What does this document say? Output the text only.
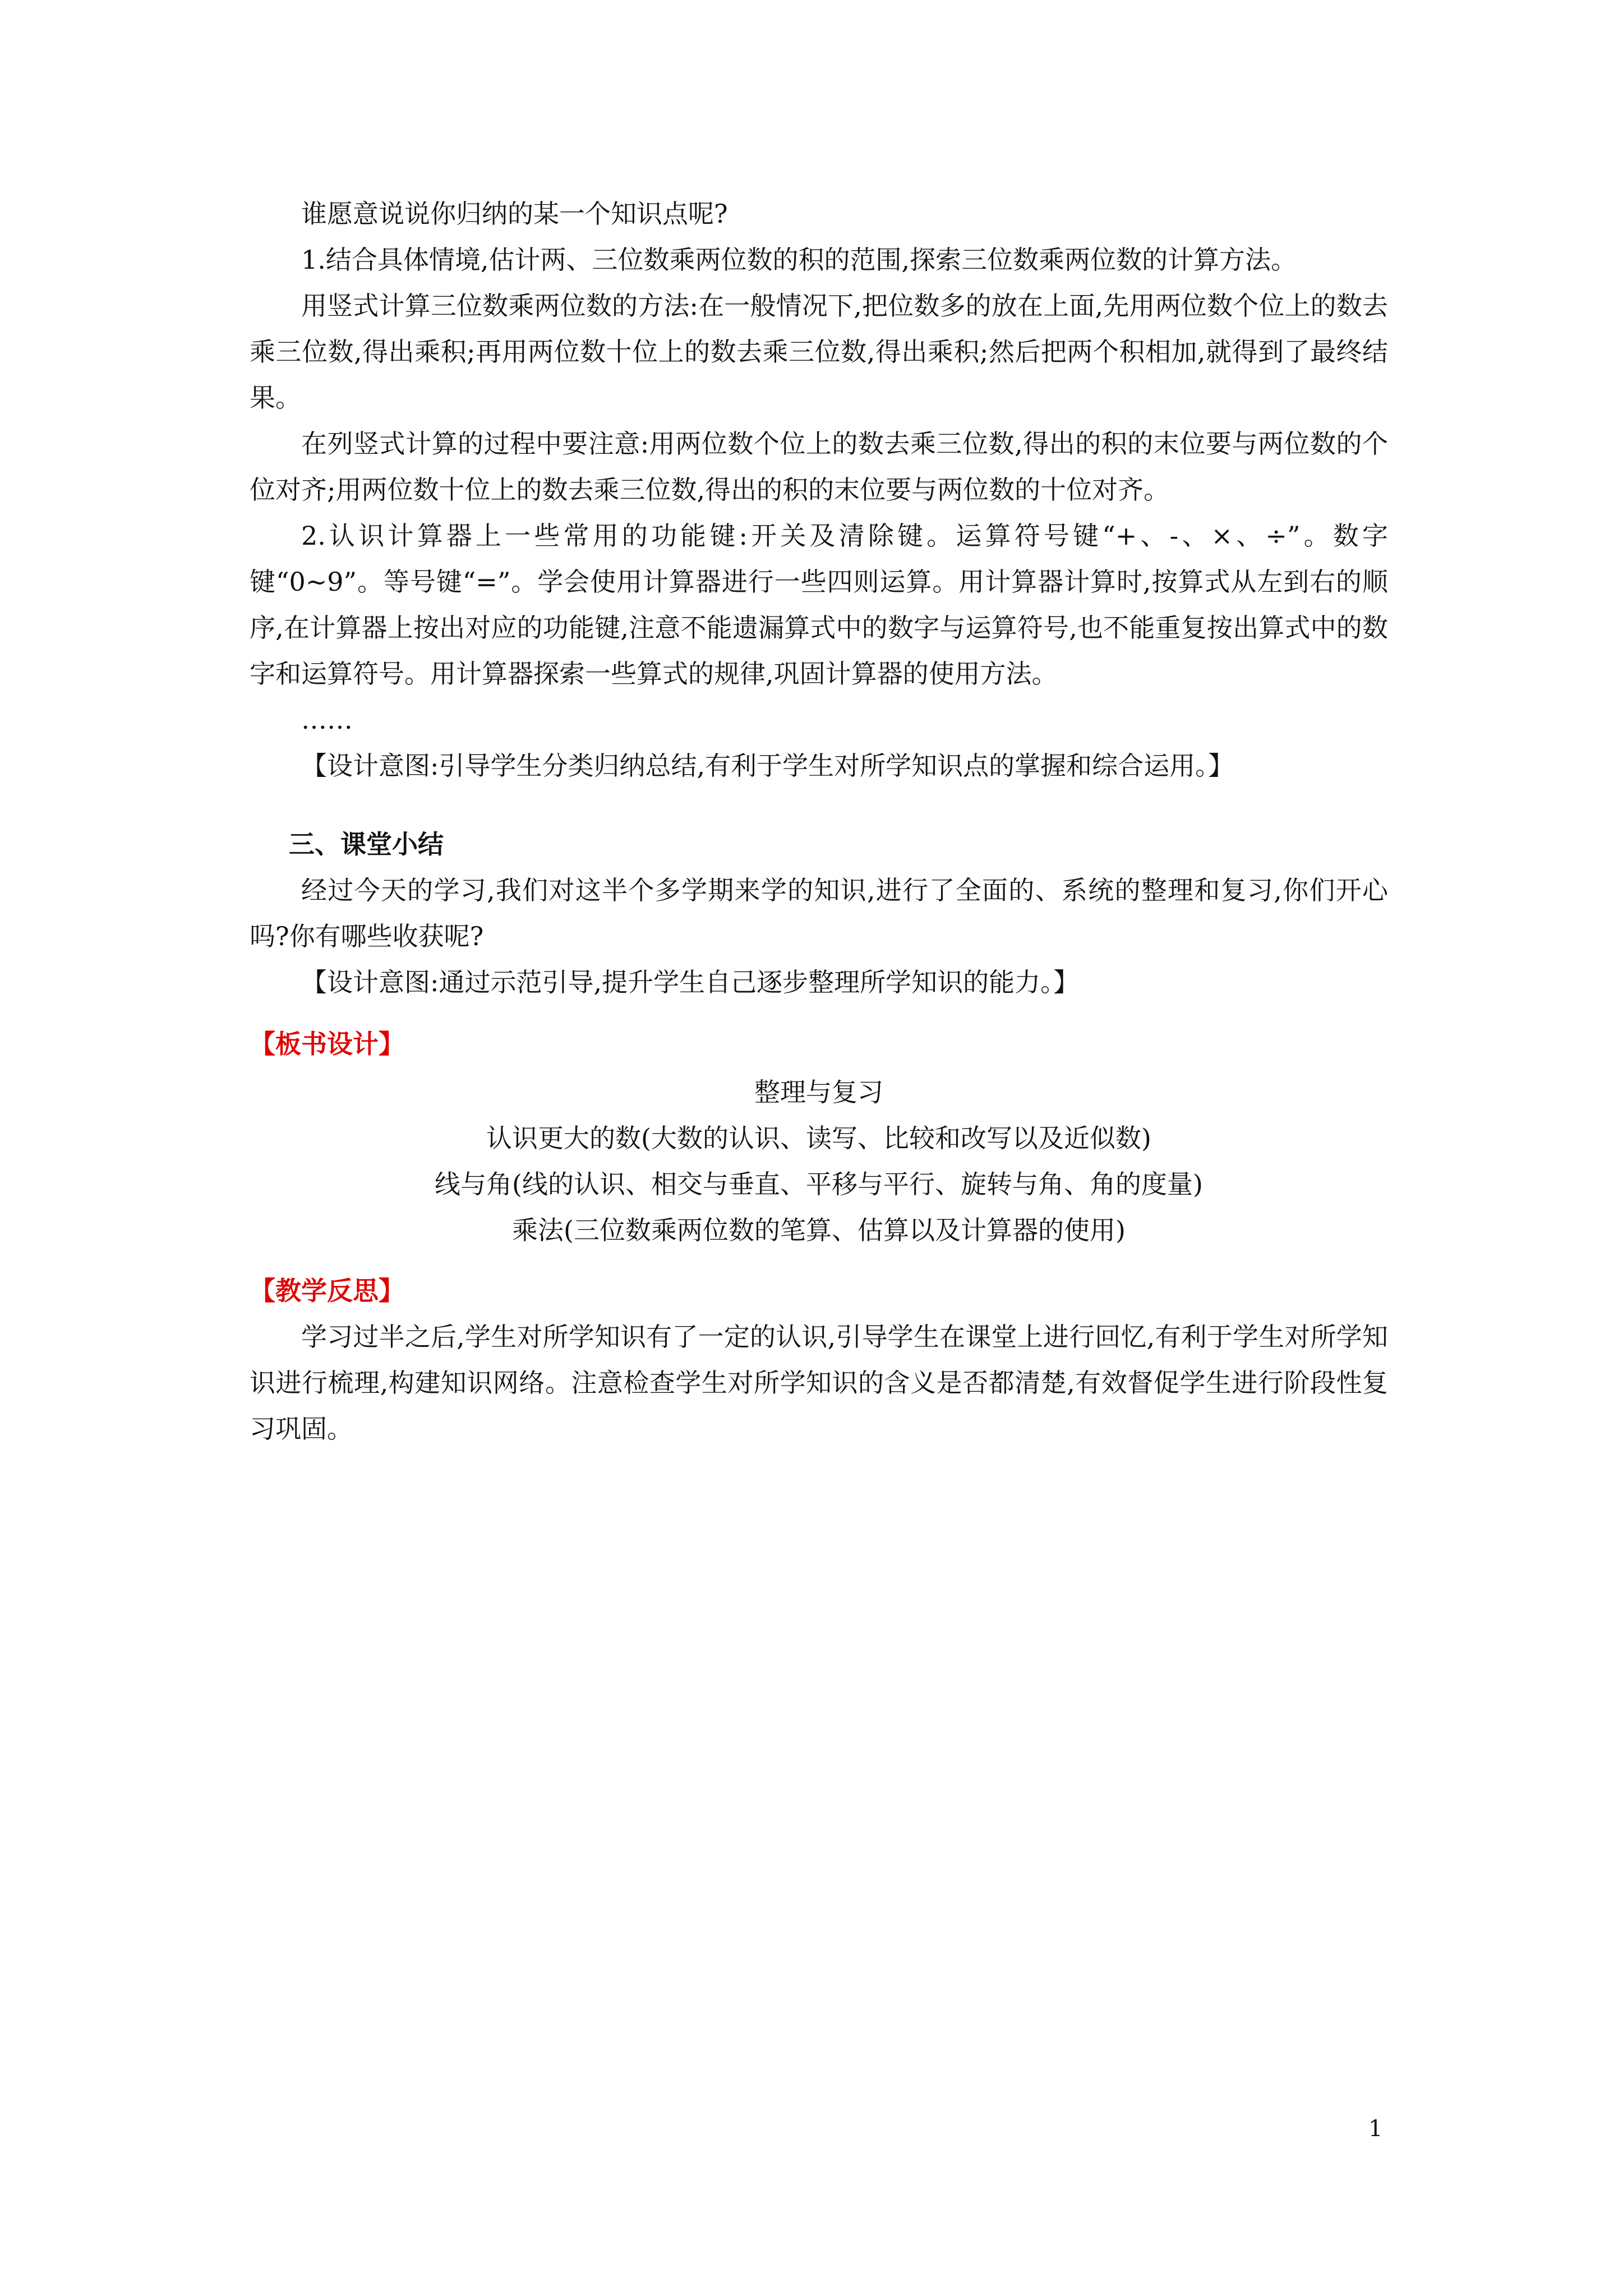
谁愿意说说你归纳的某一个知识点呢?

1.结合具体情境,估计两、三位数乘两位数的积的范围,探索三位数乘两位数的计算方法。

用竖式计算三位数乘两位数的方法:在一般情况下,把位数多的放在上面,先用两位数个位上的数去乘三位数,得出乘积;再用两位数十位上的数去乘三位数,得出乘积;然后把两个积相加,就得到了最终结果。

在列竖式计算的过程中要注意:用两位数个位上的数去乘三位数,得出的积的末位要与两位数的个位对齐;用两位数十位上的数去乘三位数,得出的积的末位要与两位数的十位对齐。

2.认识计算器上一些常用的功能键:开关及清除键。运算符号键“+、-、×、÷”。数字键“0~9”。等号键“=”。学会使用计算器进行一些四则运算。用计算器计算时,按算式从左到右的顺序,在计算器上按出对应的功能键,注意不能遗漏算式中的数字与运算符号,也不能重复按出算式中的数字和运算符号。用计算器探索一些算式的规律,巩固计算器的使用方法。

……

【设计意图:引导学生分类归纳总结,有利于学生对所学知识点的掌握和综合运用。】

三、课堂小结

经过今天的学习,我们对这半个多学期来学的知识,进行了全面的、系统的整理和复习,你们开心吗?你有哪些收获呢?

【设计意图:通过示范引导,提升学生自己逐步整理所学知识的能力。】

【板书设计】

整理与复习

认识更大的数(大数的认识、读写、比较和改写以及近似数)

线与角(线的认识、相交与垂直、平移与平行、旋转与角、角的度量)

乘法(三位数乘两位数的笔算、估算以及计算器的使用)

【教学反思】

学习过半之后,学生对所学知识有了一定的认识,引导学生在课堂上进行回忆,有利于学生对所学知识进行梳理,构建知识网络。注意检查学生对所学知识的含义是否都清楚,有效督促学生进行阶段性复习巩固。

1
